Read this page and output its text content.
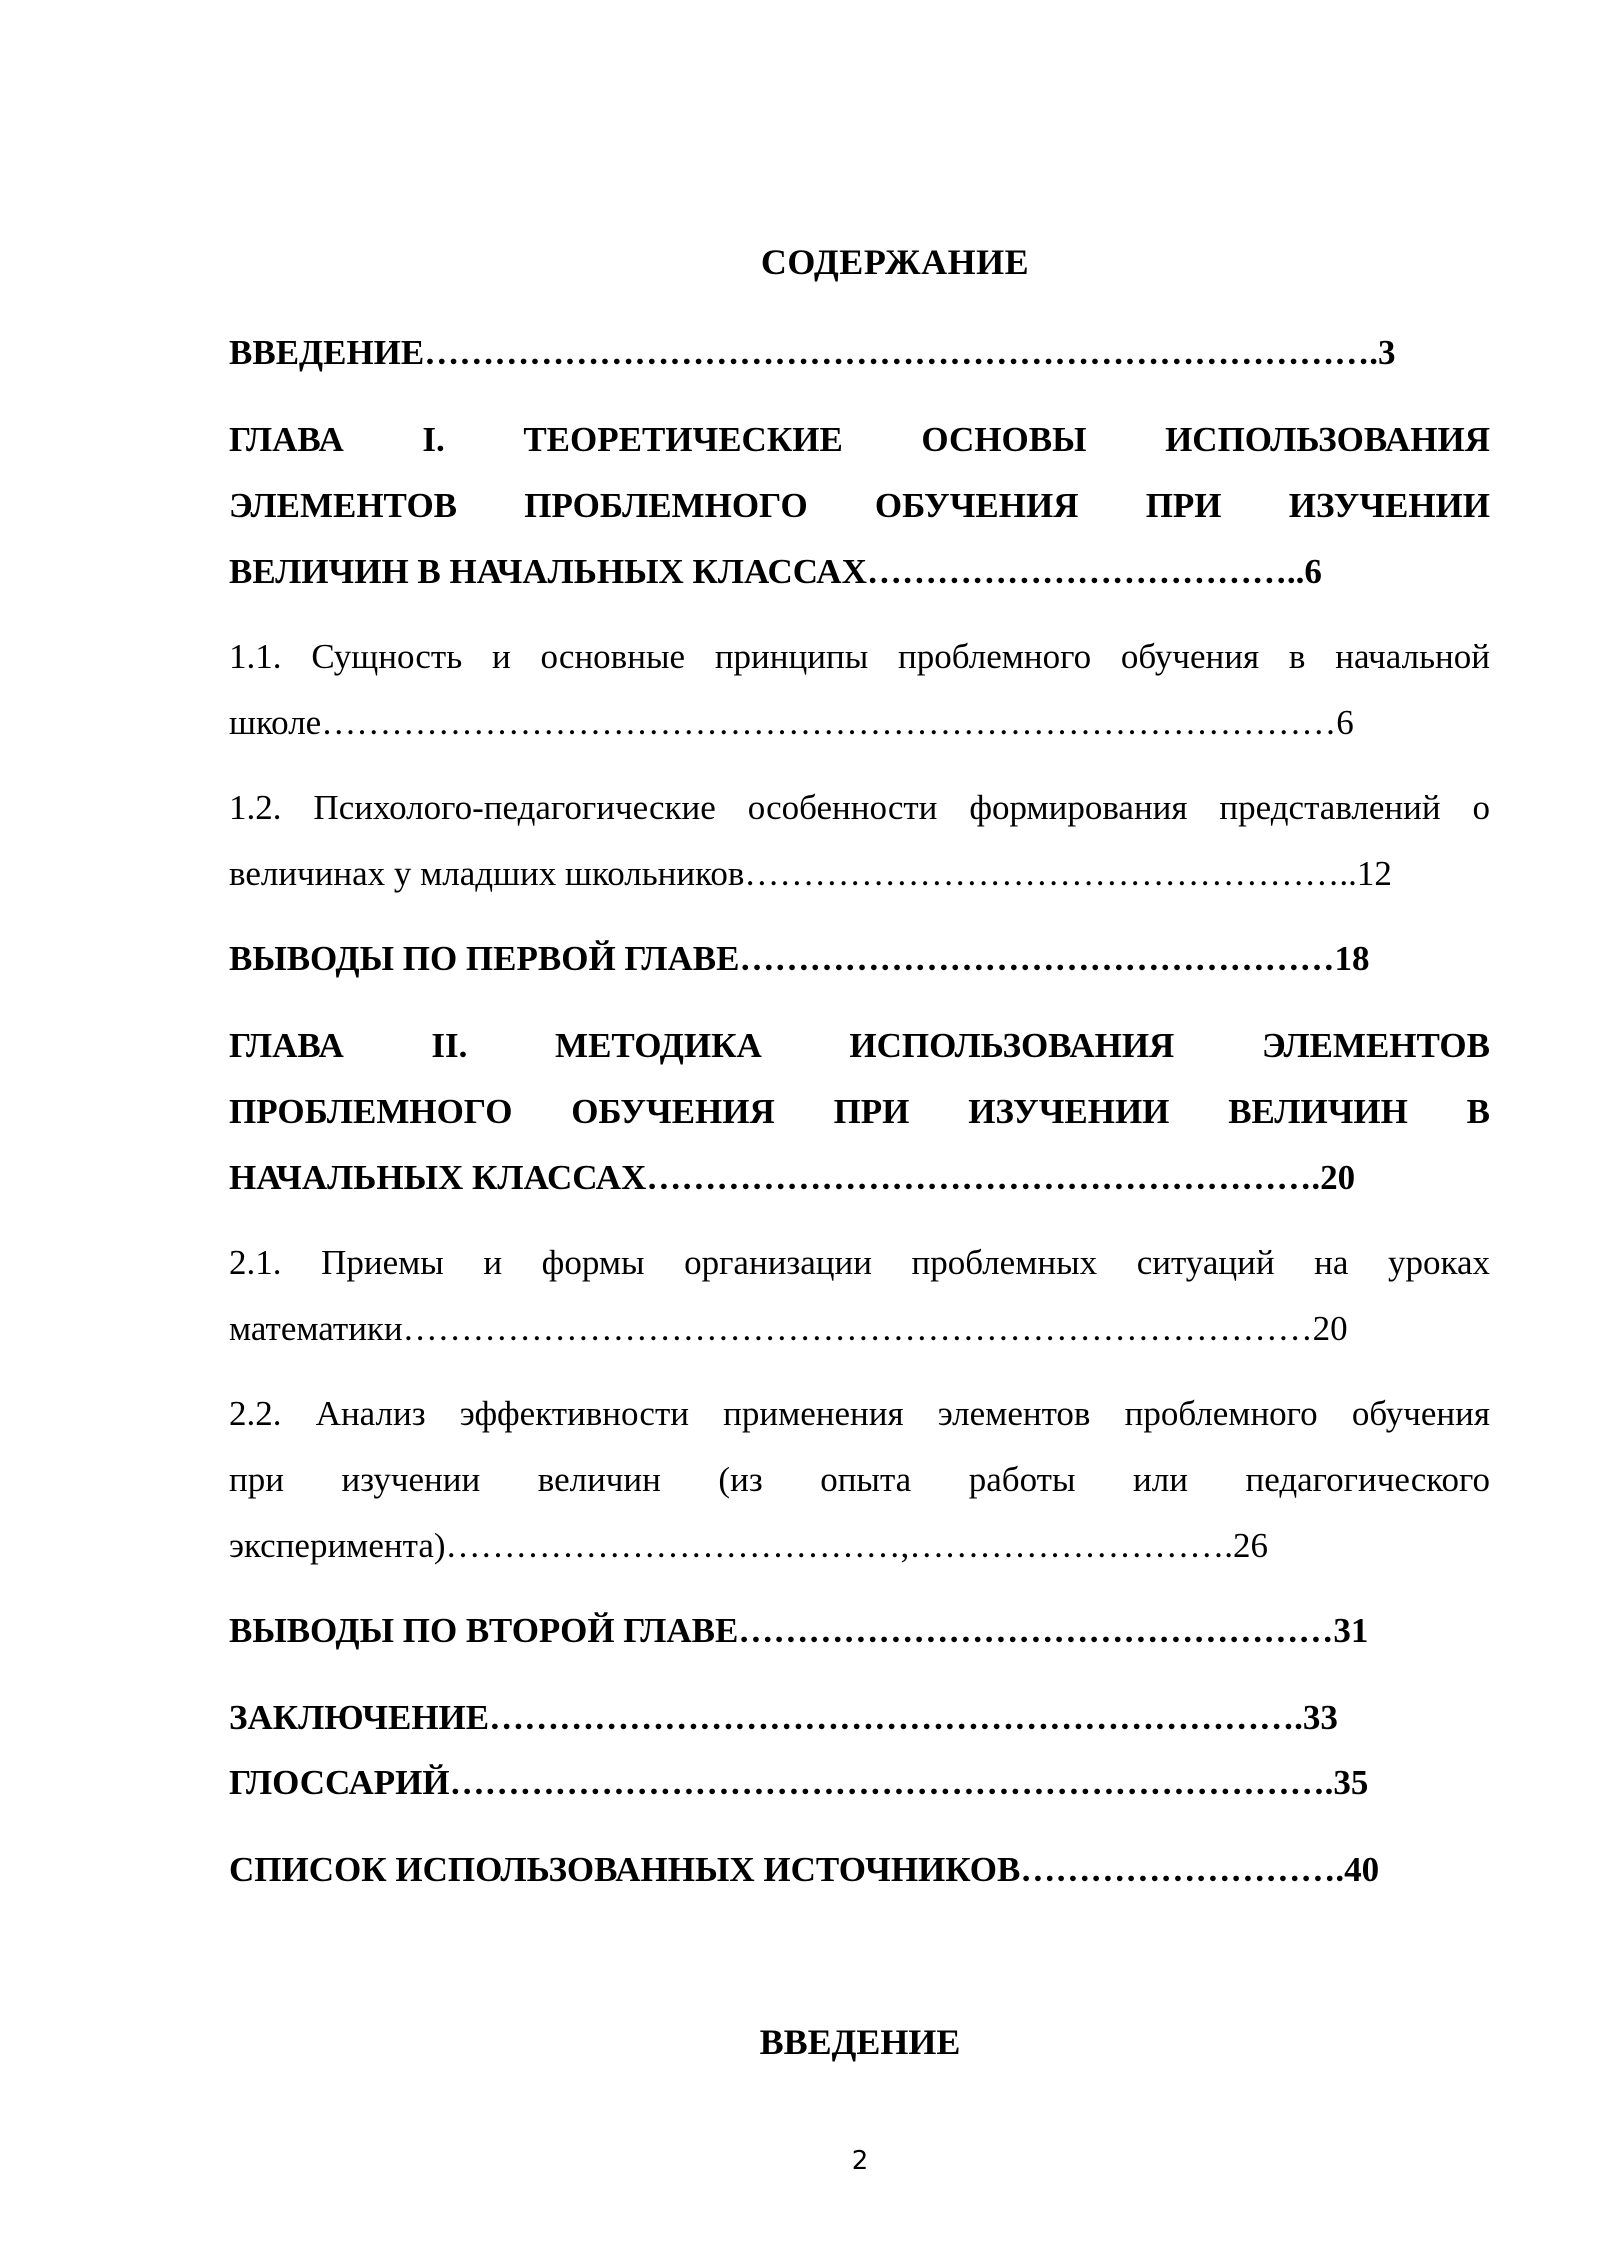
СОДЕРЖАНИЕ
ВВЕДЕНИЕ……………………………………………………………………….3
ГЛАВА I. ТЕОРЕТИЧЕСКИЕ ОСНОВЫ ИСПОЛЬЗОВАНИЯ
ЭЛЕМЕНТОВ ПРОБЛЕМНОГО ОБУЧЕНИЯ ПРИ ИЗУЧЕНИИ
ВЕЛИЧИН В НАЧАЛЬНЫХ КЛАССАХ………………………………..6
1.1. Сущность и основные принципы проблемного обучения в начальной
школе……………………………………………………………………………6
1.2. Психолого-педагогические особенности формирования представлений о
величинах у младших школьников……………………………………………..12
ВЫВОДЫ ПО ПЕРВОЙ ГЛАВЕ……………………………………………18
ГЛАВА II. МЕТОДИКА ИСПОЛЬЗОВАНИЯ ЭЛЕМЕНТОВ
ПРОБЛЕМНОГО ОБУЧЕНИЯ ПРИ ИЗУЧЕНИИ ВЕЛИЧИН В
НАЧАЛЬНЫХ КЛАССАХ………………………………………………….20
2.1. Приемы и формы организации проблемных ситуаций на уроках
математики……………………………………………………………………20
2.2. Анализ эффективности применения элементов проблемного обучения
при изучении величин (из опыта работы или педагогического
эксперимента)…………………………………,……………………….26
ВЫВОДЫ ПО ВТОРОЙ ГЛАВЕ……………………………………………31
ЗАКЛЮЧЕНИЕ…………………………………………………………….33
ГЛОССАРИЙ………………………………………………………………….35
СПИСОК ИСПОЛЬЗОВАННЫХ ИСТОЧНИКОВ……………………….40
ВВЕДЕНИЕ
2
